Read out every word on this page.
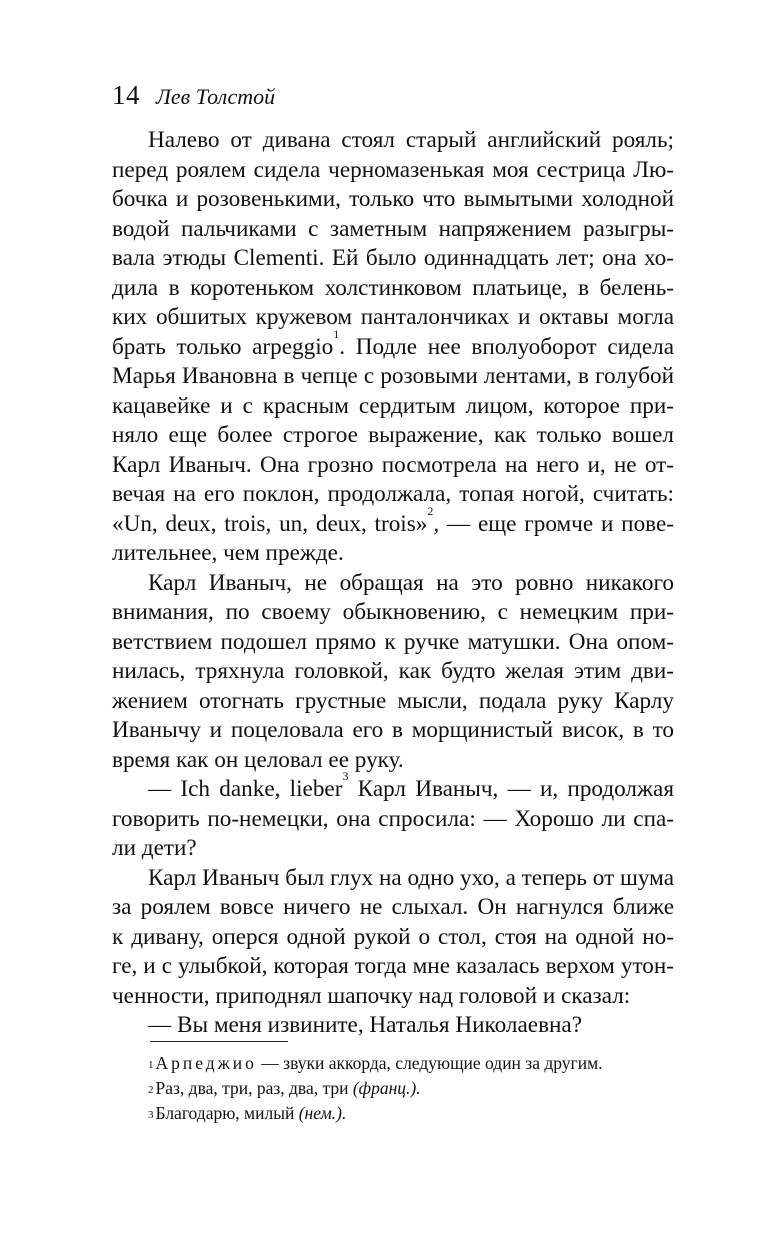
14 Лев Толстой
Налево от дивана стоял старый английский рояль;
перед роялем сидела черномазенькая моя сестрица Лю-
бочка и розовенькими, только что вымытыми холодной
водой пальчиками с заметным напряжением разыгры-
вала этюды Clementi. Ей было одиннадцать лет; она хо-
дила в коротеньком холстинковом платьице, в белень-
ких обшитых кружевом панталончиках и октавы могла
брать только arpeggio$^1$. Подле нее вполуоборот сидела
Марья Ивановна в чепце с розовыми лентами, в голубой
кацавейке и с красным сердитым лицом, которое при-
няло еще более строгое выражение, как только вошел
Карл Иваныч. Она грозно посмотрела на него и, не от-
вечая на его поклон, продолжала, топая ногой, считать:
«Un, deux, trois, un, deux, trois»$^2$, — еще громче и пове-
лительнее, чем прежде.
Карл Иваныч, не обращая на это ровно никакого
внимания, по своему обыкновению, с немецким при-
ветствием подошел прямо к ручке матушки. Она опом-
нилась, тряхнула головкой, как будто желая этим дви-
жением отогнать грустные мысли, подала руку Карлу
Иванычу и поцеловала его в морщинистый висок, в то
время как он целовал ее руку.
— Ich danke, lieber$^3$ Карл Иваныч, — и, продолжая
говорить по-немецки, она спросила: — Хорошо ли спа-
ли дети?
Карл Иваныч был глух на одно ухо, а теперь от шума
за роялем вовсе ничего не слыхал. Он нагнулся ближе
к дивану, оперся одной рукой о стол, стоя на одной но-
ге, и с улыбкой, которая тогда мне казалась верхом утон-
ченности, приподнял шапочку над головой и сказал:
— Вы меня извините, Наталья Николаевна?
$^1$ Арпеджио — звуки аккорда, следующие один за другим.
$^2$ Раз, два, три, раз, два, три (франц.).
$^3$ Благодарю, милый (нем.).
